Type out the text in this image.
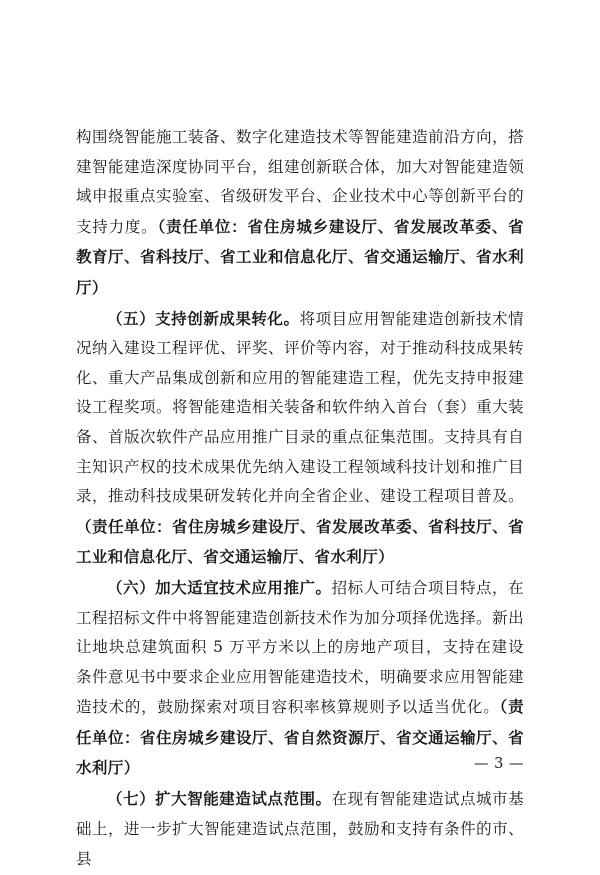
构围绕智能施工装备、数字化建造技术等智能建造前沿方向，搭建智能建造深度协同平台，组建创新联合体，加大对智能建造领域申报重点实验室、省级研发平台、企业技术中心等创新平台的支持力度。（责任单位：省住房城乡建设厅、省发展改革委、省教育厅、省科技厅、省工业和信息化厅、省交通运输厅、省水利厅）

（五）支持创新成果转化。将项目应用智能建造创新技术情况纳入建设工程评优、评奖、评价等内容，对于推动科技成果转化、重大产品集成创新和应用的智能建造工程，优先支持申报建设工程奖项。将智能建造相关装备和软件纳入首台（套）重大装备、首版次软件产品应用推广目录的重点征集范围。支持具有自主知识产权的技术成果优先纳入建设工程领域科技计划和推广目录，推动科技成果研发转化并向全省企业、建设工程项目普及。（责任单位：省住房城乡建设厅、省发展改革委、省科技厅、省工业和信息化厅、省交通运输厅、省水利厅）

（六）加大适宜技术应用推广。招标人可结合项目特点，在工程招标文件中将智能建造创新技术作为加分项择优选择。新出让地块总建筑面积 5 万平方米以上的房地产项目，支持在建设条件意见书中要求企业应用智能建造技术，明确要求应用智能建造技术的，鼓励探索对项目容积率核算规则予以适当优化。（责任单位：省住房城乡建设厅、省自然资源厅、省交通运输厅、省水利厅）

（七）扩大智能建造试点范围。在现有智能建造试点城市基础上，进一步扩大智能建造试点范围，鼓励和支持有条件的市、县

— 3 —
